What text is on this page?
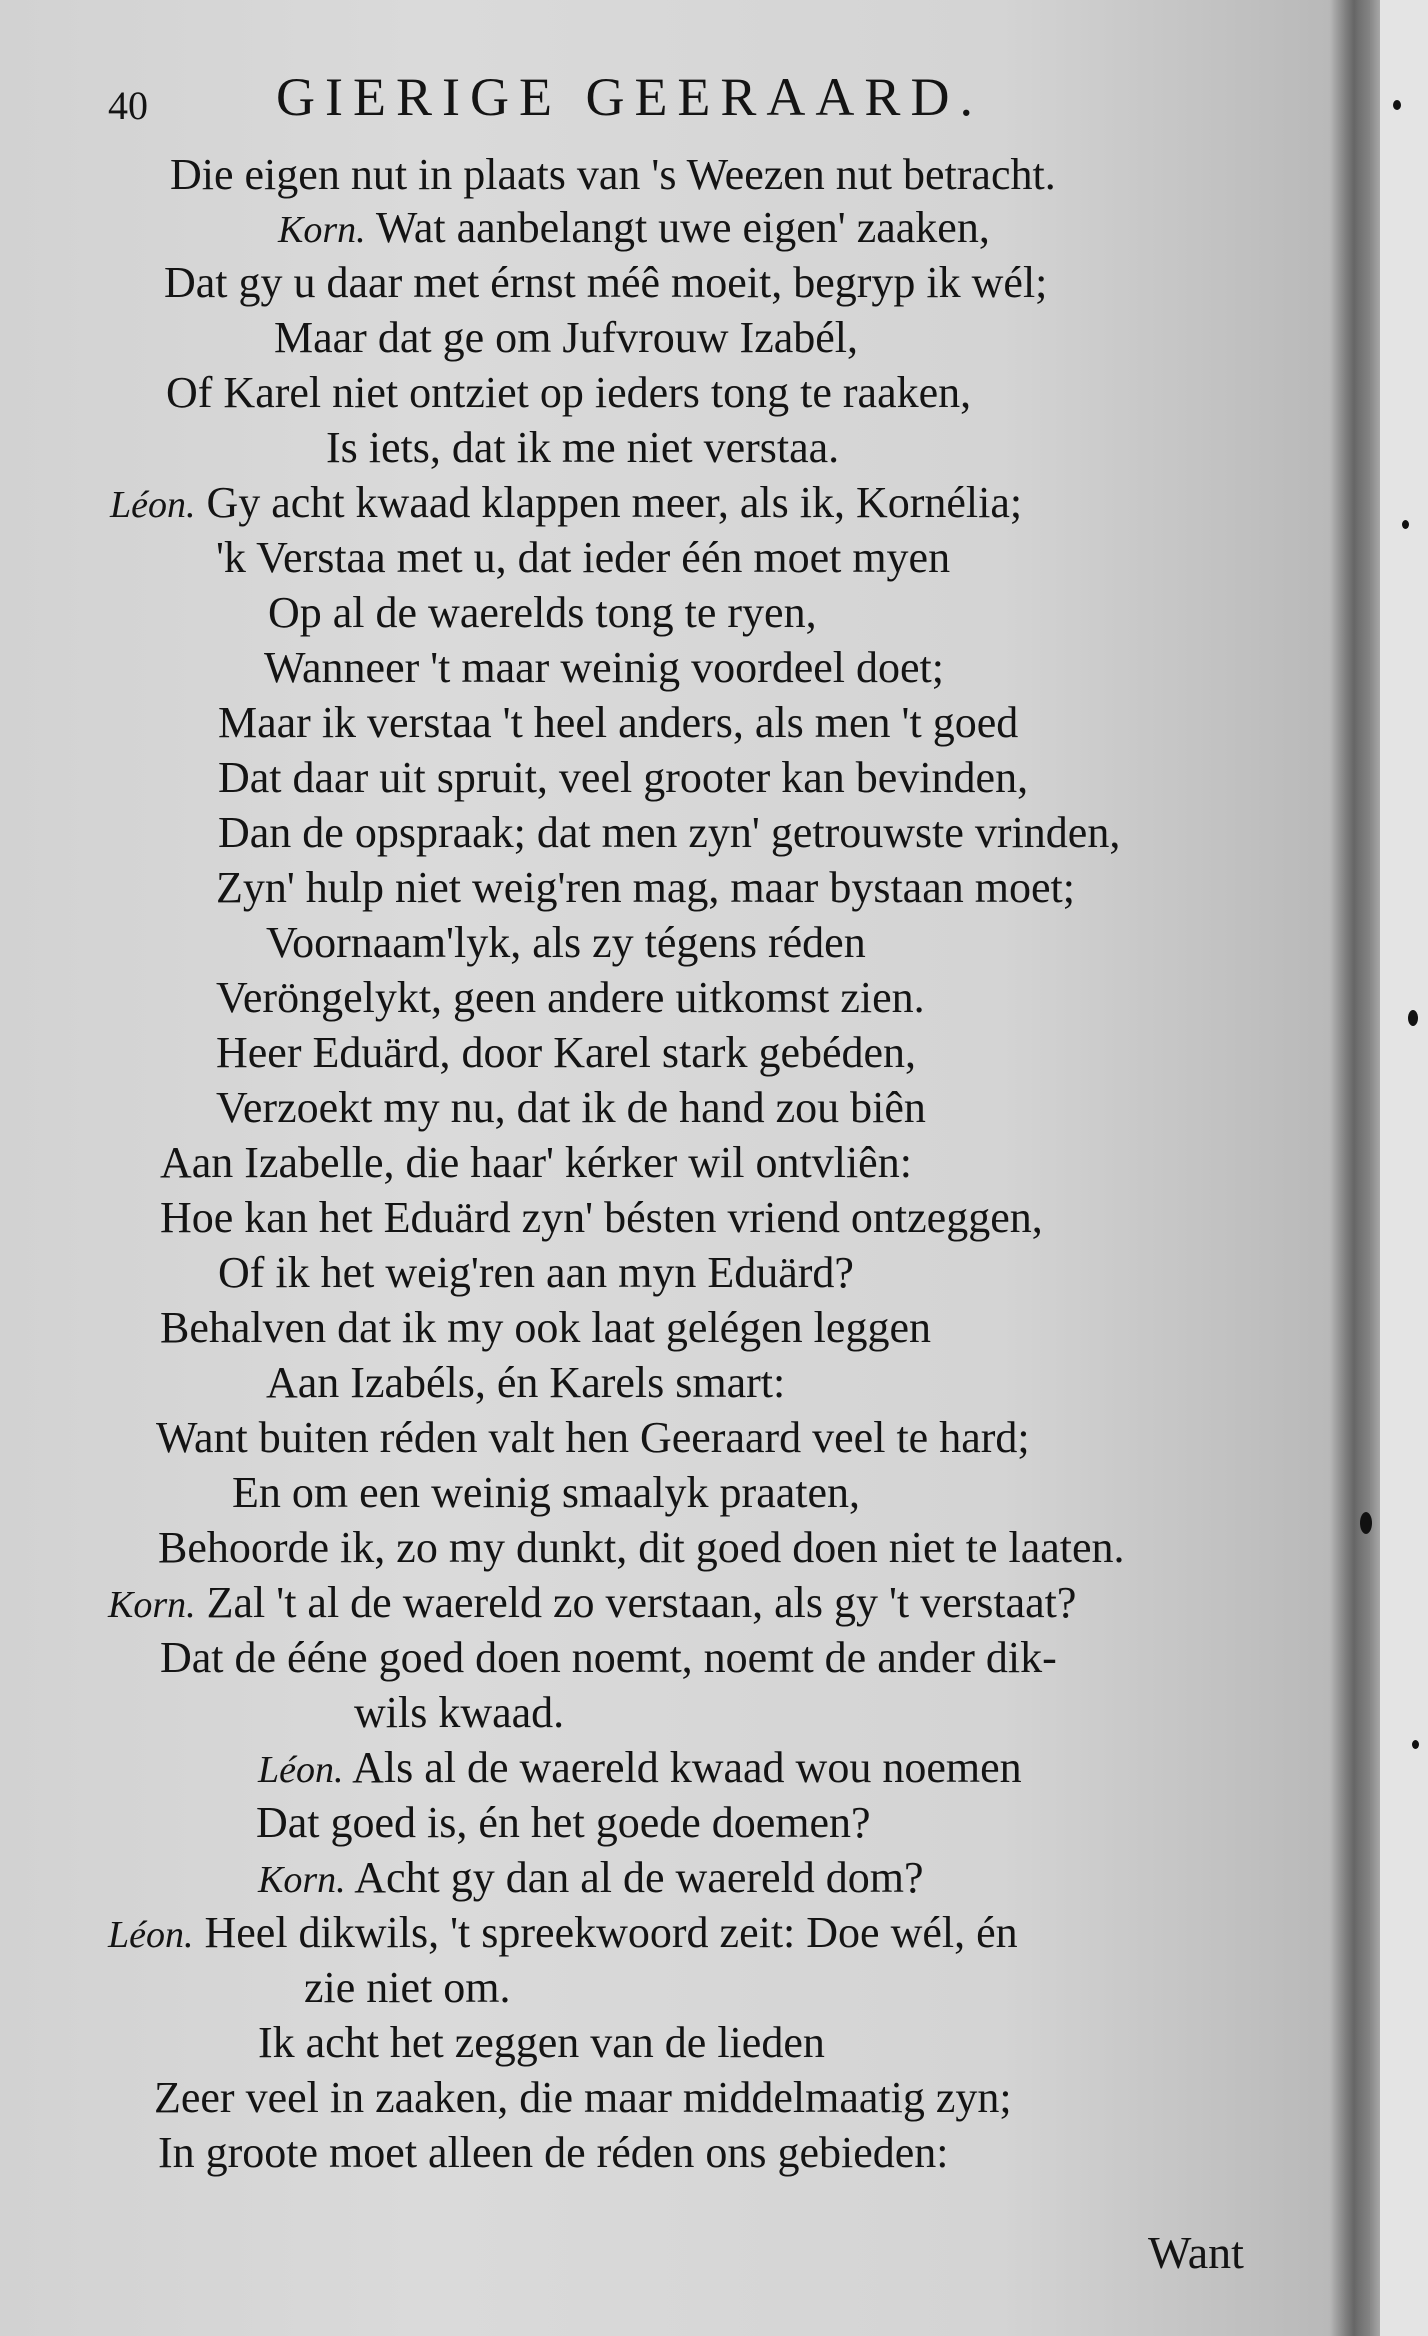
40 GIERIGE GEERAARD.
Die eigen nut in plaats van 's Weezen nut betracht.
Korn. Wat aanbelangt uwe eigen' zaaken,
Dat gy u daar met érnst méê moeit, begryp ik wél;
Maar dat ge om Jufvrouw Izabél,
Of Karel niet ontziet op ieders tong te raaken,
Is iets, dat ik me niet verstaa.
Léon. Gy acht kwaad klappen meer, als ik, Kornélia;
'k Verstaa met u, dat ieder één moet myen
Op al de waerelds tong te ryen,
Wanneer 't maar weinig voordeel doet;
Maar ik verstaa 't heel anders, als men 't goed
Dat daar uit spruit, veel grooter kan bevinden,
Dan de opspraak; dat men zyn' getrouwste vrinden,
Zyn' hulp niet weig'ren mag, maar bystaan moet;
Voornaam'lyk, als zy tégens réden
Veröngelykt, geen andere uitkomst zien.
Heer Eduärd, door Karel stark gebéden,
Verzoekt my nu, dat ik de hand zou biên
Aan Izabelle, die haar' kérker wil ontvliên:
Hoe kan het Eduärd zyn' bésten vriend ontzeggen,
Of ik het weig'ren aan myn Eduärd?
Behalven dat ik my ook laat gelégen leggen
Aan Izabéls, én Karels smart:
Want buiten réden valt hen Geeraard veel te hard;
En om een weinig smaalyk praaten,
Behoorde ik, zo my dunkt, dit goed doen niet te laaten.
Korn. Zal 't al de waereld zo verstaan, als gy 't verstaat?
Dat de ééne goed doen noemt, noemt de ander dik-
wils kwaad.
Léon. Als al de waereld kwaad wou noemen
Dat goed is, én het goede doemen?
Korn. Acht gy dan al de waereld dom?
Léon. Heel dikwils, 't spreekwoord zeit: Doe wél, én
zie niet om.
Ik acht het zeggen van de lieden
Zeer veel in zaaken, die maar middelmaatig zyn;
In groote moet alleen de réden ons gebieden:
Want
